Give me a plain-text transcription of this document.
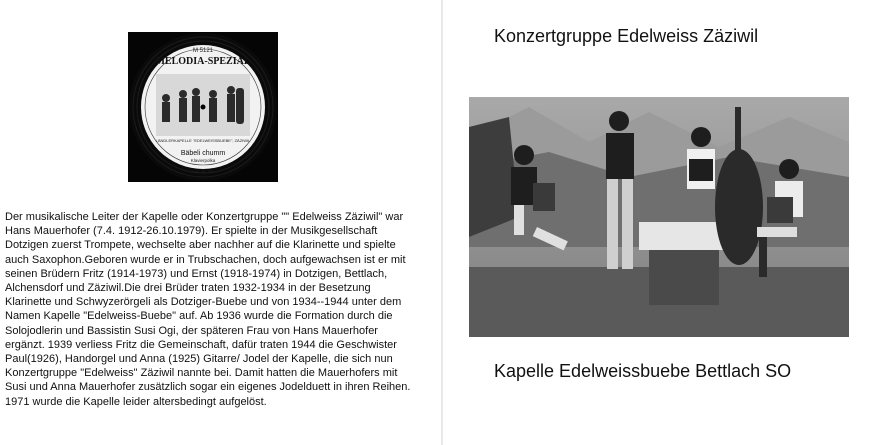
M 5121
MELODIA-SPEZIAL
LÄNDLERKAPELLE "EDELWEISSBUEBE", ZÄZIWIL
Bäbeli chumm
Klavierpolka
Matr. Nr. 540

Der musikalische Leiter der Kapelle oder Konzertgruppe "" Edelweiss Zäziwil" war Hans Mauerhofer (7.4. 1912-26.10.1979). Er spielte in der Musikgesellschaft Dotzigen zuerst Trompete, wechselte aber nachher auf die Klarinette und spielte auch Saxophon.Geboren wurde er in Trubschachen, doch aufgewachsen ist er mit seinen Brüdern Fritz (1914-1973) und Ernst (1918-1974) in Dotzigen, Bettlach, Alchensdorf und Zäziwil.Die drei Brüder traten 1932-1934 in der Besetzung Klarinette und Schwyzerörgeli als Dotziger-Buebe und von 1934--1944 unter dem Namen Kapelle "Edelweiss-Buebe" auf. Ab 1936 wurde die Formation durch die Solojodlerin und Bassistin Susi Ogi, der späteren Frau von Hans Mauerhofer ergänzt. 1939 verliess Fritz die Gemeinschaft, dafür traten 1944 die Geschwister Paul(1926), Handorgel und Anna (1925) Gitarre/ Jodel der Kapelle, die sich nun Konzertgruppe "Edelweiss" Zäziwil nannte bei. Damit hatten die Mauerhofers mit Susi und Anna Mauerhofer zusätzlich sogar ein eigenes Jodelduett in ihren Reihen. 1971 wurde die Kapelle leider altersbedingt aufgelöst.

Konzertgruppe Edelweiss Zäziwil
Kapelle Edelweissbuebe Bettlach SO
